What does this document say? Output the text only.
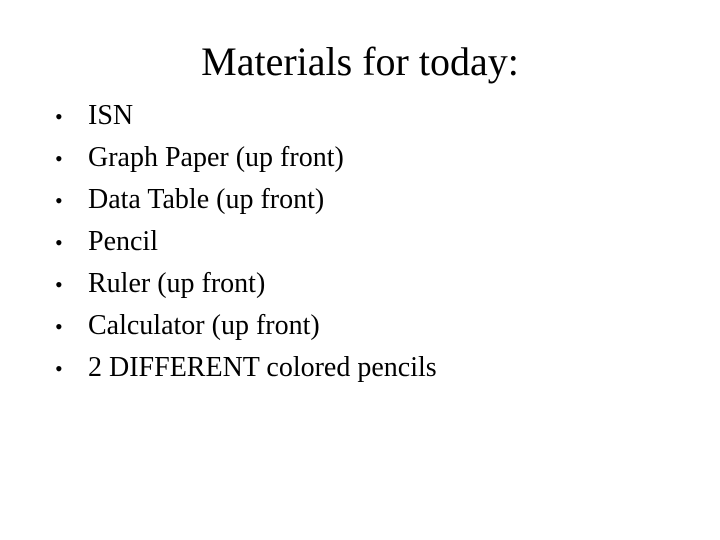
Materials for today:
• ISN
• Graph Paper (up front)
• Data Table (up front)
• Pencil
• Ruler (up front)
• Calculator (up front)
• 2 DIFFERENT colored pencils
